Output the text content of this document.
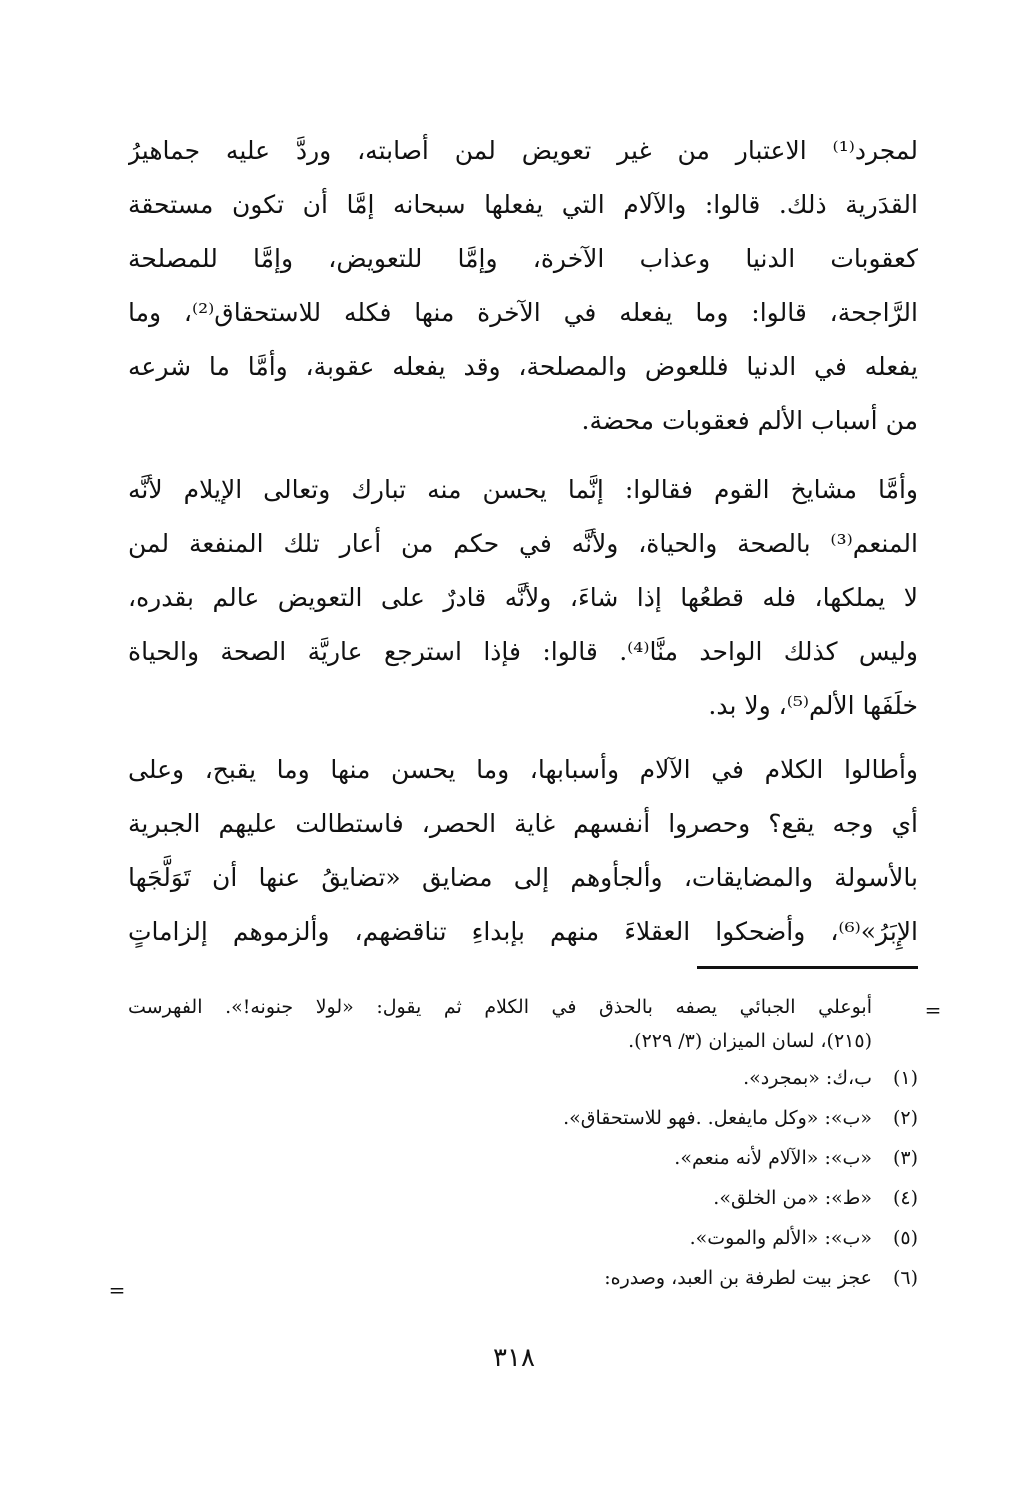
لمجرد⁽¹⁾ الاعتبار من غير تعويض لمن أصابته، وردَّ عليه جماهيرُ
القدَرية ذلك. قالوا: والآلام التي يفعلها سبحانه إمَّا أن تكون مستحقة
كعقوبات الدنيا وعذاب الآخرة، وإمَّا للتعويض، وإمَّا للمصلحة
الرَّاجحة، قالوا: وما يفعله في الآخرة منها فكله للاستحقاق⁽²⁾، وما
يفعله في الدنيا فللعوض والمصلحة، وقد يفعله عقوبة، وأمَّا ما شرعه
من أسباب الألم فعقوبات محضة.
وأمَّا مشايخ القوم فقالوا: إنَّما يحسن منه تبارك وتعالى الإيلام لأنَّه
المنعم⁽³⁾ بالصحة والحياة، ولأنَّه في حكم من أعار تلك المنفعة لمن
لا يملكها، فله قطعُها إذا شاءَ، ولأنَّه قادرٌ على التعويض عالم بقدره،
وليس كذلك الواحد منَّا⁽⁴⁾. قالوا: فإذا استرجع عاريَّة الصحة والحياة
خلَفَها الألم⁽⁵⁾، ولا بد.
وأطالوا الكلام في الآلام وأسبابها، وما يحسن منها وما يقبح، وعلى
أي وجه يقع؟ وحصروا أنفسهم غاية الحصر، فاستطالت عليهم الجبرية
بالأسولة والمضايقات، وألجأوهم إلى مضايق «تضايقُ عنها أن تَوَلَّجَها
الإِبَرُ»⁽⁶⁾، وأضحكوا العقلاءَ منهم بإبداءِ تناقضهم، وألزموهم إلزاماتٍ
=
أبوعلي الجبائي يصفه بالحذق في الكلام ثم يقول: «لولا جنونه!». الفهرست
(٢١٥)، لسان الميزان (٣/ ٢٢٩).
(١)ب،ك: «بمجرد».
(٢)«ب»: «وكل مايفعل. .فهو للاستحقاق».
(٣)«ب»: «الآلام لأنه منعم».
(٤)«ط»: «من الخلق».
(٥)«ب»: «الألم والموت».
(٦)عجز بيت لطرفة بن العبد، وصدره:
=
٣١٨
